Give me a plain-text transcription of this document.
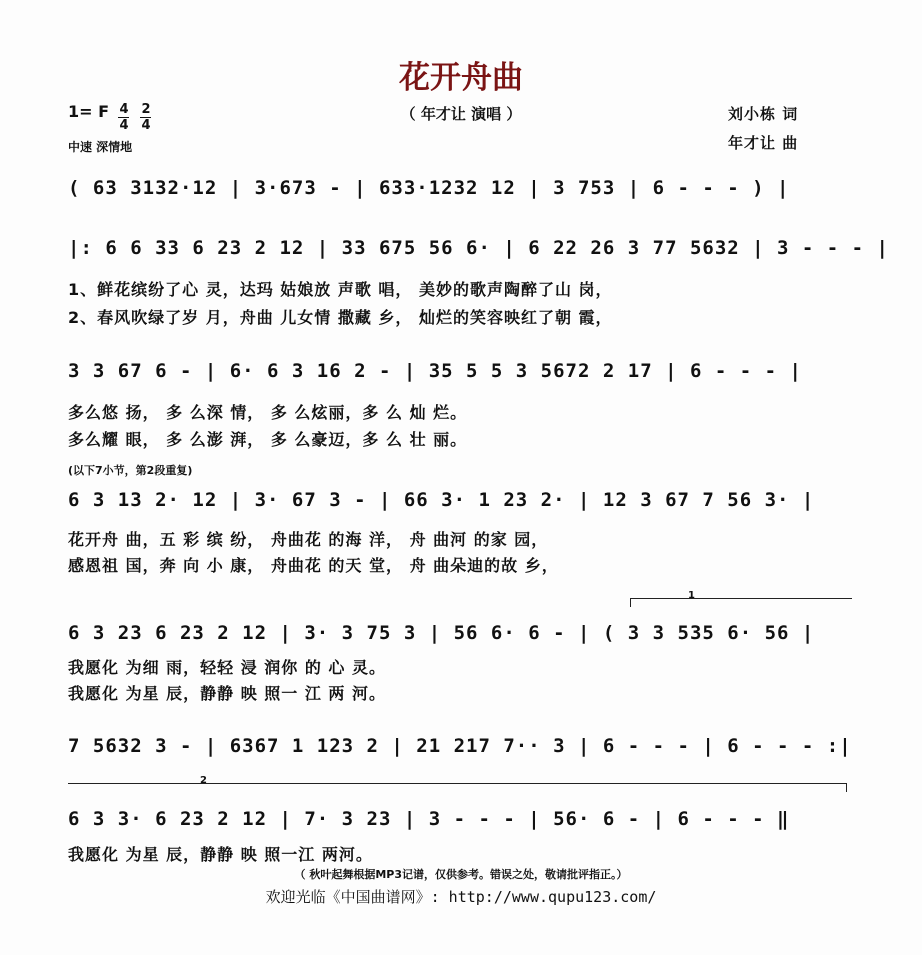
花开舟曲
（ 年才让 演唱 ）
1= F 4
4
2
4
中速 深情地
刘小栋 词
年才让 曲
( 63 3132·12 | 3·673 - | 633·1232 12 | 3 753 | 6 - - - ) |
|: 6 6 33 6 23 2 12 | 33 675 56 6· | 6 22 26 3 77 5632 | 3 - - - |
1、鲜花缤纷了心 灵，达玛 姑娘放 声歌 唱， 美妙的歌声陶醉了山 岗，
2、春风吹绿了岁 月，舟曲 儿女情 撒藏 乡， 灿烂的笑容映红了朝 霞，
3 3 67 6 - | 6· 6 3 16 2 - | 35 5 5 3 5672 2 17 | 6 - - - |
多么悠 扬， 多 么深 情， 多 么炫丽，多 么 灿 烂。
多么耀 眼， 多 么澎 湃， 多 么豪迈，多 么 壮 丽。
(以下7小节，第2段重复)
6 3 13 2· 12 | 3· 67 3 - | 66 3· 1 23 2· | 12 3 67 7 56 3· |
花开舟 曲，五 彩 缤 纷， 舟曲花 的海 洋， 舟 曲河 的家 园，
感恩祖 国，奔 向 小 康， 舟曲花 的天 堂， 舟 曲朵迪的故 乡，
1
6 3 23 6 23 2 12 | 3· 3 75 3 | 56 6· 6 - | ( 3 3 535 6· 56 |
我愿化 为细 雨，轻轻 浸 润你 的 心 灵。
我愿化 为星 辰，静静 映 照一 江 两 河。
7 5632 3 - | 6367 1 123 2 | 21 217 7·· 3 | 6 - - - | 6 - - - :|
2
6 3 3· 6 23 2 12 | 7· 3 23 | 3 - - - | 56· 6 - | 6 - - - ‖
我愿化 为星 辰，静静 映 照一江 两河。
（ 秋叶起舞根据MP3记谱，仅供参考。错误之处，敬请批评指正。）
欢迎光临《中国曲谱网》: http://www.qupu123.com/
